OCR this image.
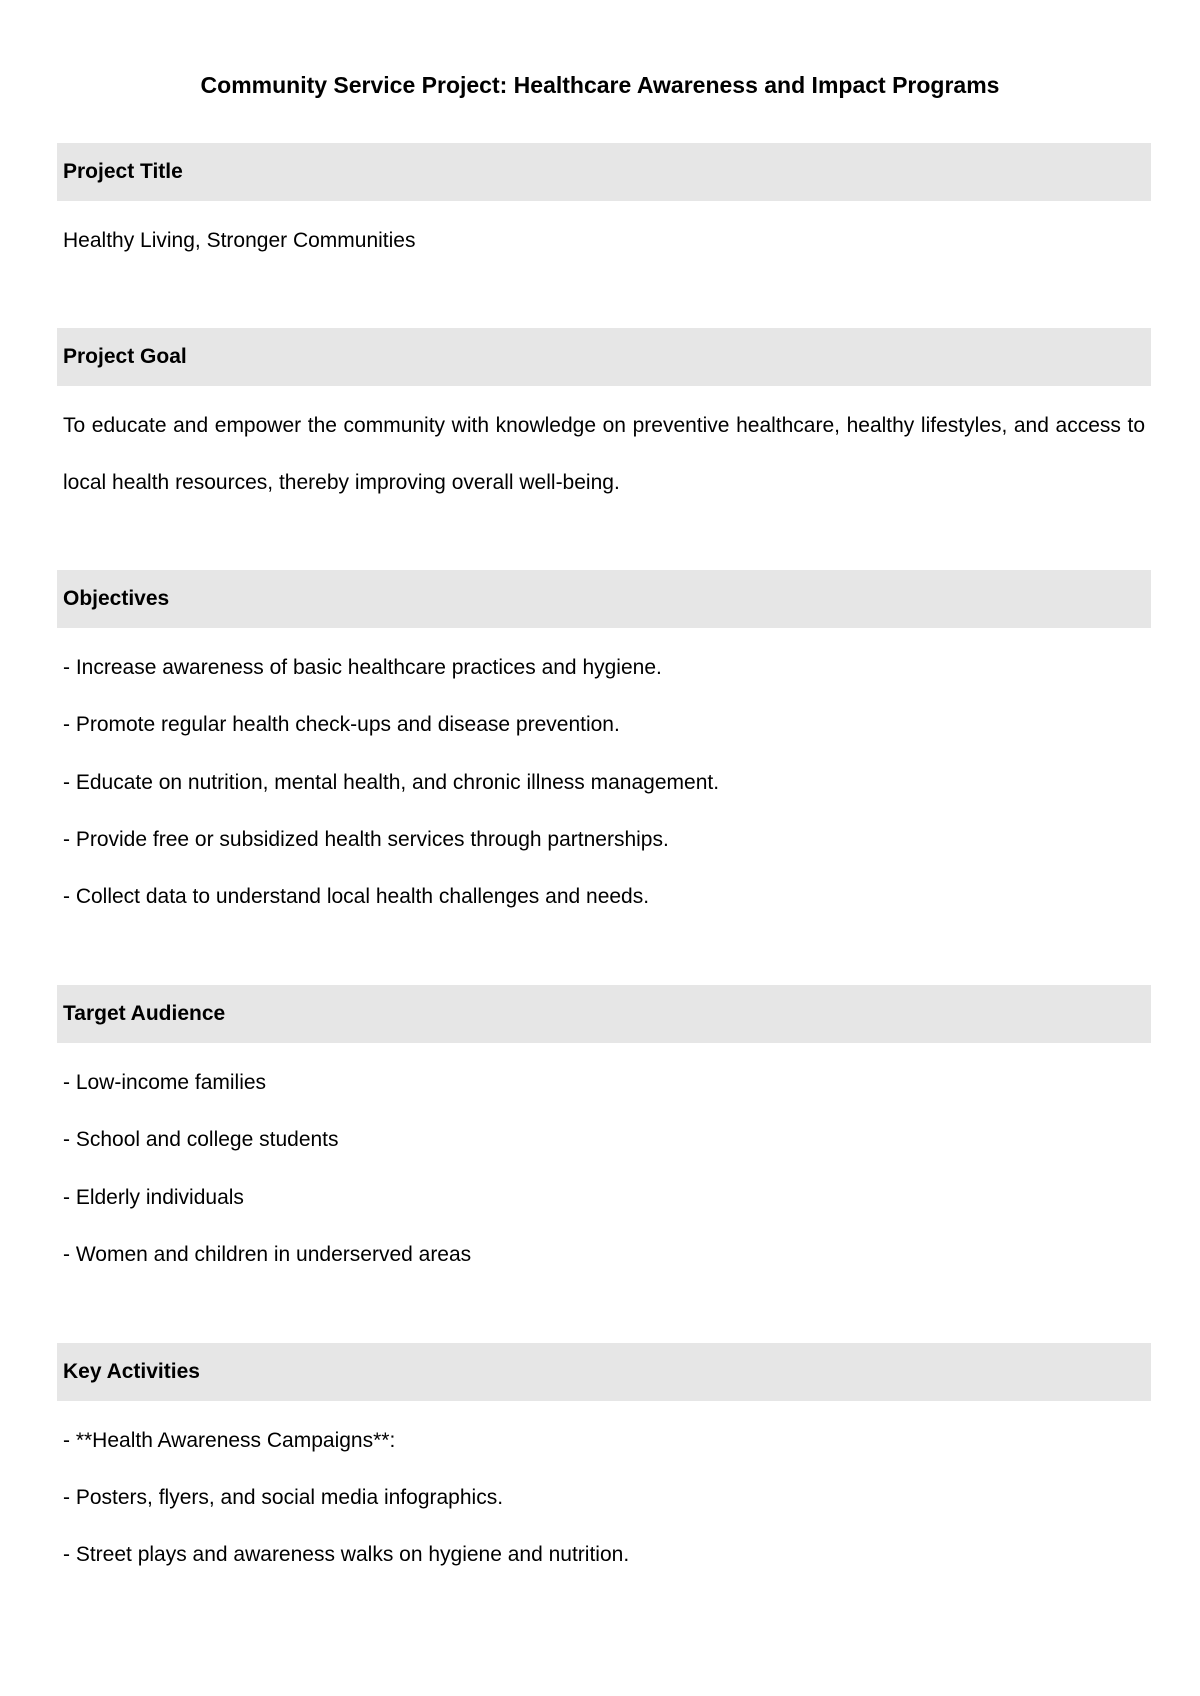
Community Service Project: Healthcare Awareness and Impact Programs
Project Title
Healthy Living, Stronger Communities
Project Goal
To educate and empower the community with knowledge on preventive healthcare, healthy lifestyles, and access to local health resources, thereby improving overall well-being.
Objectives
- Increase awareness of basic healthcare practices and hygiene.
- Promote regular health check-ups and disease prevention.
- Educate on nutrition, mental health, and chronic illness management.
- Provide free or subsidized health services through partnerships.
- Collect data to understand local health challenges and needs.
Target Audience
- Low-income families
- School and college students
- Elderly individuals
- Women and children in underserved areas
Key Activities
- **Health Awareness Campaigns**:
- Posters, flyers, and social media infographics.
- Street plays and awareness walks on hygiene and nutrition.
